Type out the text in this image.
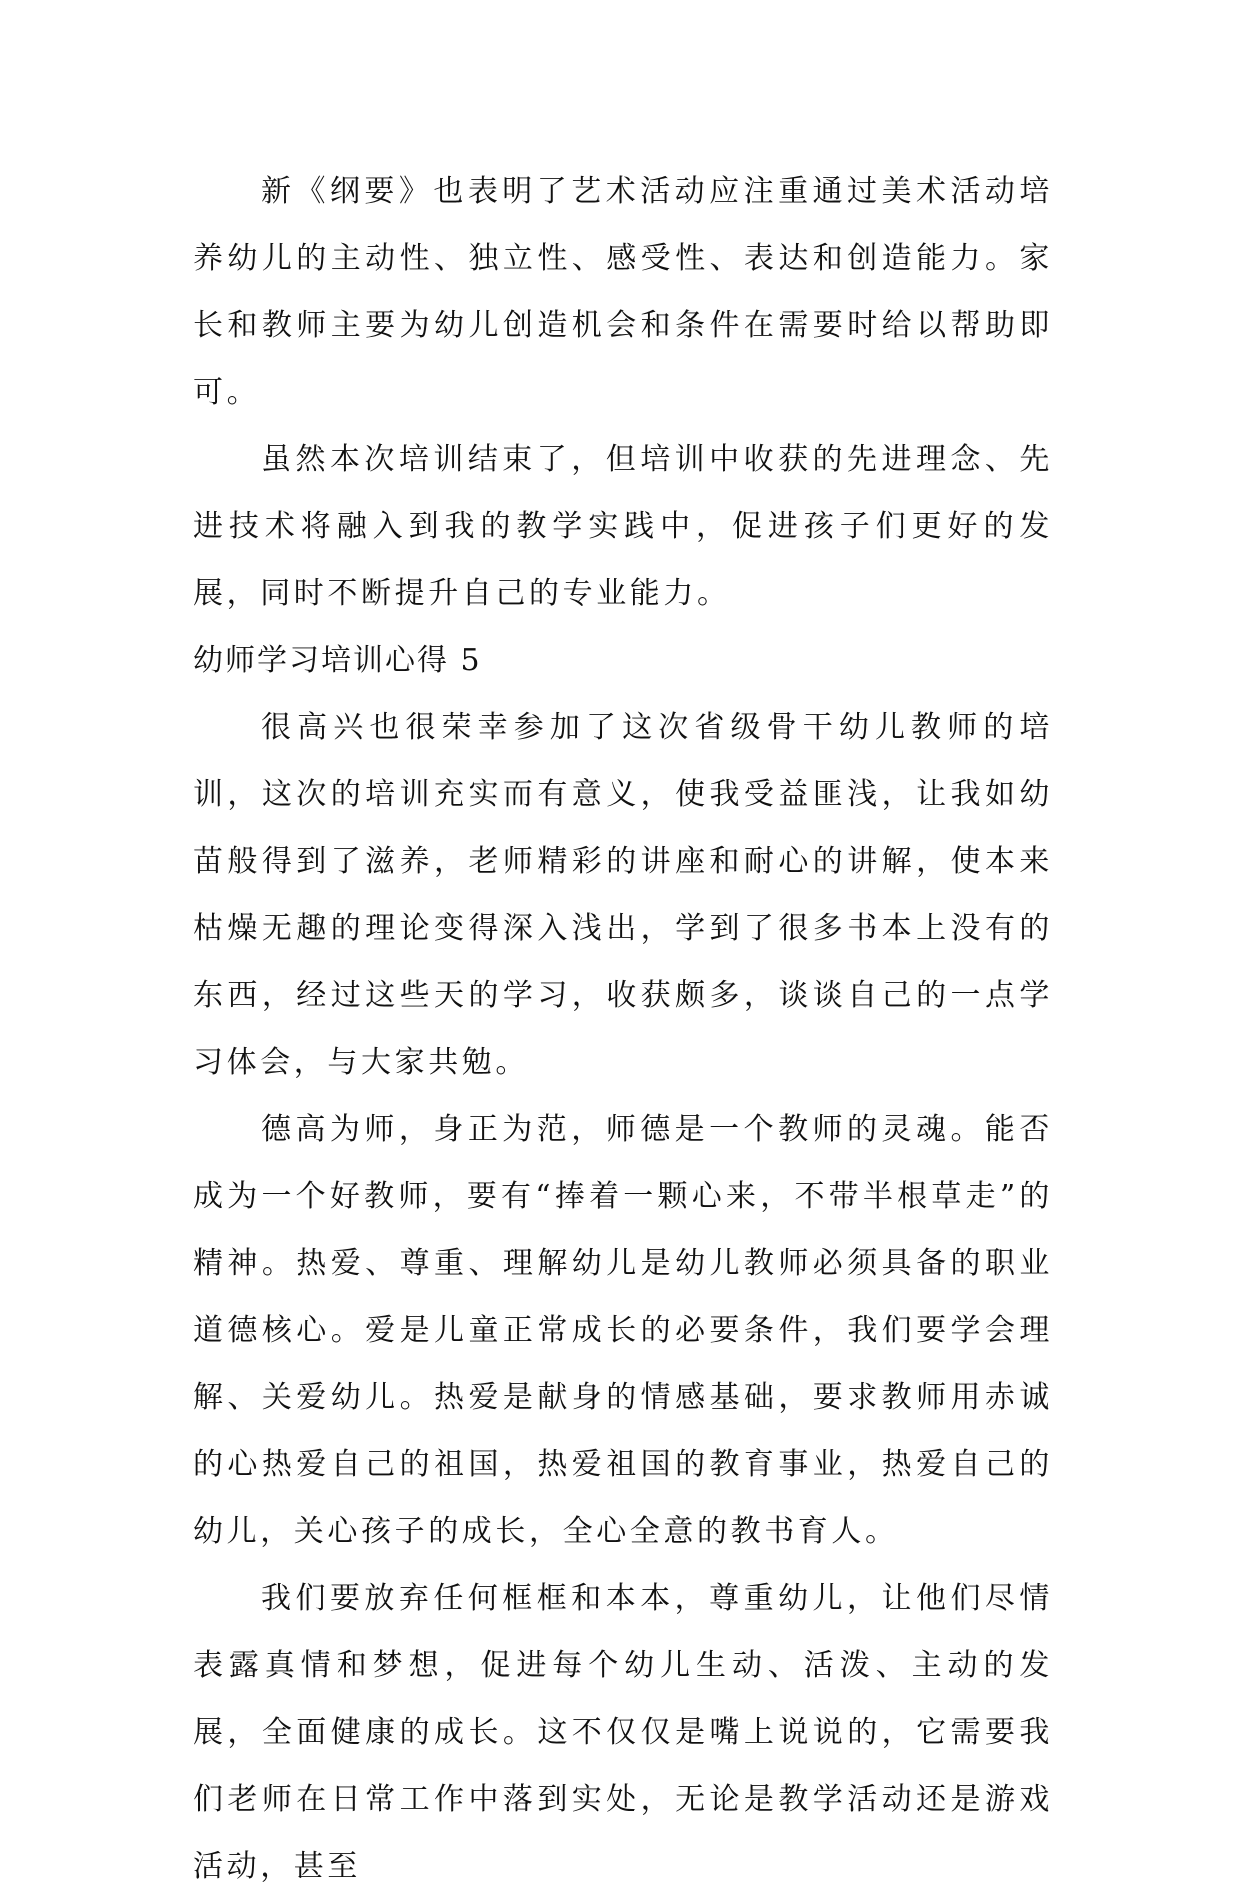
新《纲要》也表明了艺术活动应注重通过美术活动培养幼儿的主动性、独立性、感受性、表达和创造能力。家长和教师主要为幼儿创造机会和条件在需要时给以帮助即可。

虽然本次培训结束了，但培训中收获的先进理念、先进技术将融入到我的教学实践中，促进孩子们更好的发展，同时不断提升自己的专业能力。

幼师学习培训心得 5

很高兴也很荣幸参加了这次省级骨干幼儿教师的培训，这次的培训充实而有意义，使我受益匪浅，让我如幼苗般得到了滋养，老师精彩的讲座和耐心的讲解，使本来枯燥无趣的理论变得深入浅出，学到了很多书本上没有的东西，经过这些天的学习，收获颇多，谈谈自己的一点学习体会，与大家共勉。

德高为师，身正为范，师德是一个教师的灵魂。能否成为一个好教师，要有“捧着一颗心来，不带半根草走”的精神。热爱、尊重、理解幼儿是幼儿教师必须具备的职业道德核心。爱是儿童正常成长的必要条件，我们要学会理解、关爱幼儿。热爱是献身的情感基础，要求教师用赤诚的心热爱自己的祖国，热爱祖国的教育事业，热爱自己的幼儿，关心孩子的成长，全心全意的教书育人。

我们要放弃任何框框和本本，尊重幼儿，让他们尽情表露真情和梦想，促进每个幼儿生动、活泼、主动的发展，全面健康的成长。这不仅仅是嘴上说说的，它需要我们老师在日常工作中落到实处，无论是教学活动还是游戏活动，甚至
